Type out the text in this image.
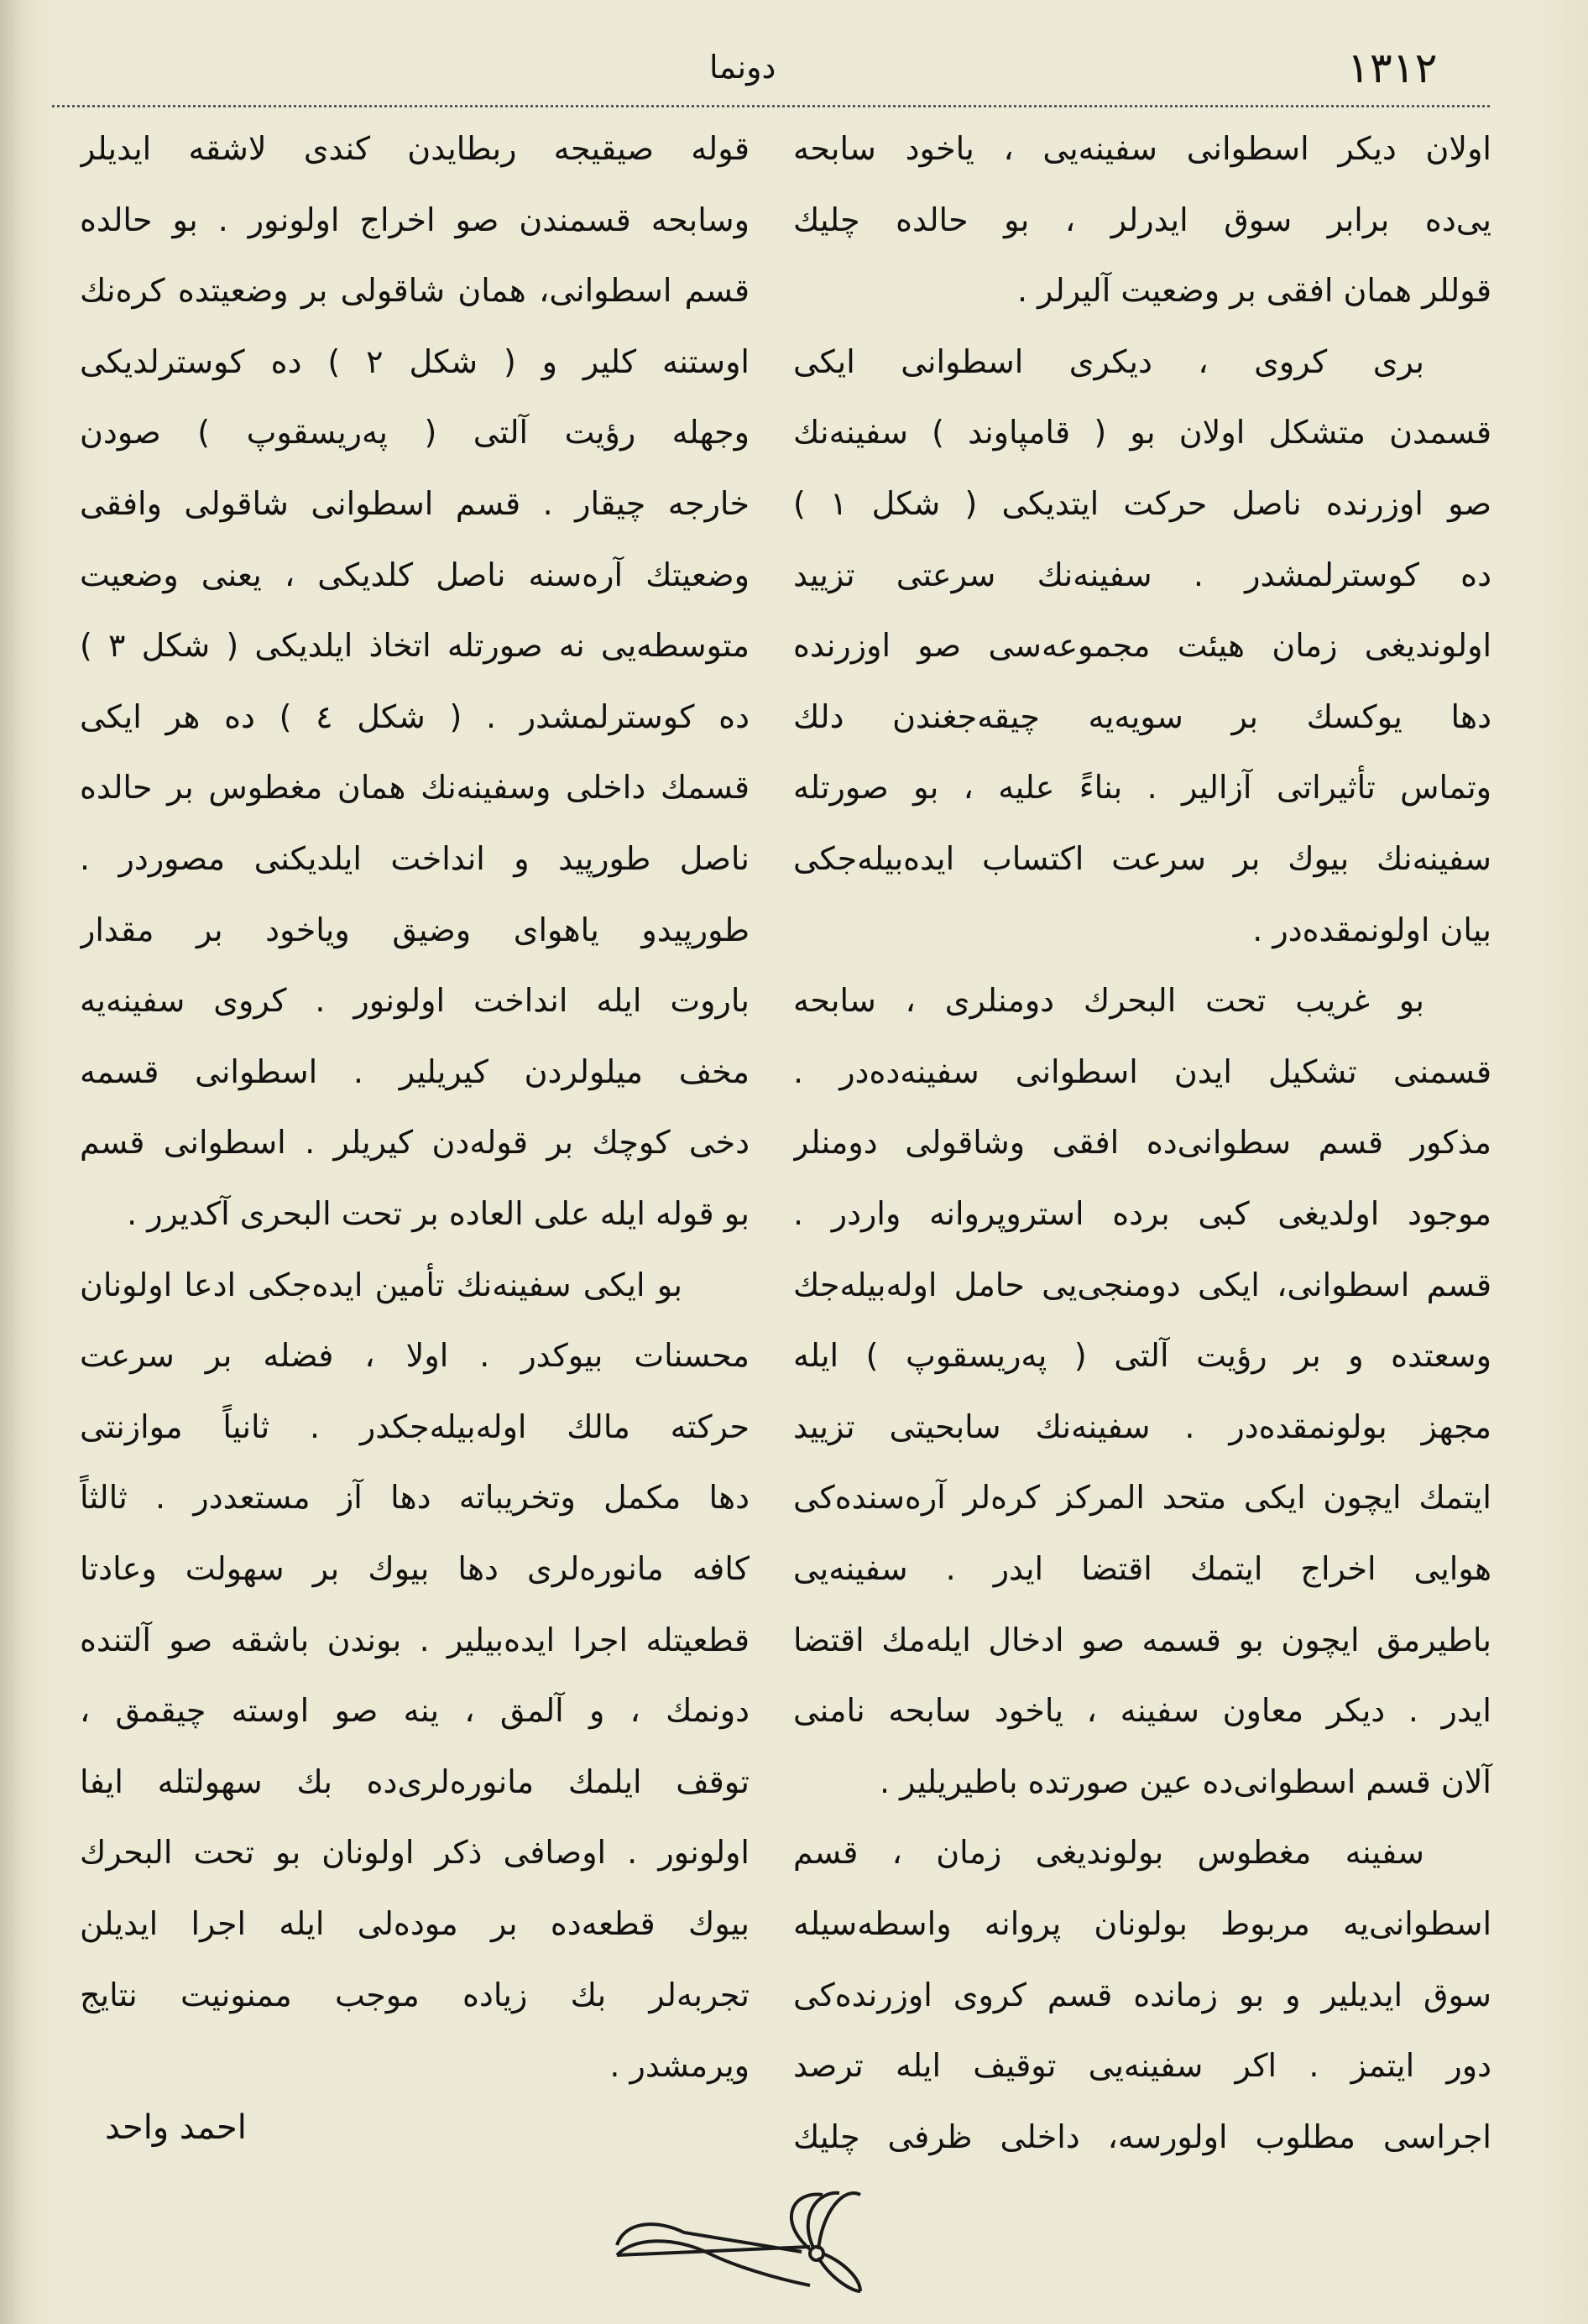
١٣١٢
دونما
اولان دیکر اسطوانی سفینه‌یی ، یاخود سابحه
یی‌ده برابر سوق ایدرلر ، بو حالده چلیك
قوللر همان افقی بر وضعیت آلیرلر .
بری کروی ، دیکری اسطوانی ایکی
قسمدن متشکل اولان بو ( قامپاوند ) سفینه‌نك
صو اوزرنده ناصل حرکت ایتدیکی ( شکل ۱ )
ده کوسترلمشدر . سفینه‌نك سرعتی تزیید
اولوندیغی زمان هیئت مجموعه‌سی صو اوزرنده
دها یوکسك بر سویه‌یه چیقه‌جغندن دلك
وتماس تأثیراتی آزالیر . بناءً علیه ، بو صورتله
سفینه‌نك بیوك بر سرعت اکتساب ایده‌بیله‌جکی
بیان اولونمقده‌در .
بو غریب تحت البحرك دومنلری ، سابحه
قسمنی تشکیل ایدن اسطوانی سفینه‌ده‌در .
مذکور قسم سطوانی‌ده افقی وشاقولی دومنلر
موجود اولدیغی کبی برده استروپروانه واردر .
قسم اسطوانی، ایکی دومنجی‌یی حامل اوله‌بیله‌جك
وسعتده و بر رؤیت آلتی ( پەریسقوپ ) ایله
مجهز بولونمقده‌در . سفینه‌نك سابحیتی تزیید
ایتمك ایچون ایکی متحد المرکز کره‌لر آره‌سنده‌کی
هوایی اخراج ایتمك اقتضا ایدر . سفینه‌یی
باطیرمق ایچون بو قسمه صو ادخال ایلەمك اقتضا
ایدر . دیکر معاون سفینه ، یاخود سابحه نامنی
آلان قسم اسطوانی‌ده عین صورتده باطیریلیر .
سفینه مغطوس بولوندیغی زمان ، قسم
اسطوانی‌یه مربوط بولونان پروانه واسطه‌سیله
سوق ایدیلیر و بو زمانده قسم کروی اوزرنده‌کی
دور ایتمز . اکر سفینه‌یی توقیف ایله ترصد
اجراسی مطلوب اولورسه، داخلی ظرفی چلیك
قوله صیقیجه ربطایدن کندی لاشقه ایدیلر
وسابحه قسمندن صو اخراج اولونور . بو حالده
قسم اسطوانی، همان شاقولی بر وضعیتده کره‌نك
اوستنه کلیر و ( شکل ۲ ) ده کوسترلدیکی
وجهله رؤیت آلتی ( پەریسقوپ ) صودن
خارجه چیقار . قسم اسطوانی شاقولی وافقی
وضعیتك آره‌سنه ناصل کلدیکی ، یعنی وضعیت
متوسطه‌یی نه صورتله اتخاذ ایلدیکی ( شکل ۳ )
ده کوسترلمشدر . ( شکل ٤ ) ده هر ایکی
قسمك داخلی وسفینه‌نك همان مغطوس بر حالده
ناصل طورپید و انداخت ایلدیکنی مصوردر .
طورپیدو یاهوای وضیق ویاخود بر مقدار
باروت ایله انداخت اولونور . کروی سفینه‌یه
مخف میلولردن کیریلیر . اسطوانی قسمه
دخی کوچك بر قوله‌دن کیریلر . اسطوانی قسم
بو قوله ایله علی العاده بر تحت البحری آکدیرر .
بو ایکی سفینه‌نك تأمین ایده‌جکی ادعا اولونان
محسنات بیوکدر . اولا ، فضله بر سرعت
حرکته مالك اوله‌بیله‌جکدر . ثانیاً موازنتی
دها مکمل وتخریباته دها آز مستعددر . ثالثاً
کافه مانوره‌لری دها بیوك بر سهولت وعادتا
قطعیتله اجرا ایده‌بیلیر . بوندن باشقه صو آلتنده
دونمك ، و آلمق ، ینه صو اوسته چیقمق ،
توقف ایلمك مانوره‌لری‌ده بك سهولتله ایفا
اولونور . اوصافی ذکر اولونان بو تحت البحرك
بیوك قطعه‌ده بر مودەلی ایله اجرا ایدیلن
تجربه‌لر بك زیاده موجب ممنونیت نتایج
ویرمشدر .
احمد واحد
